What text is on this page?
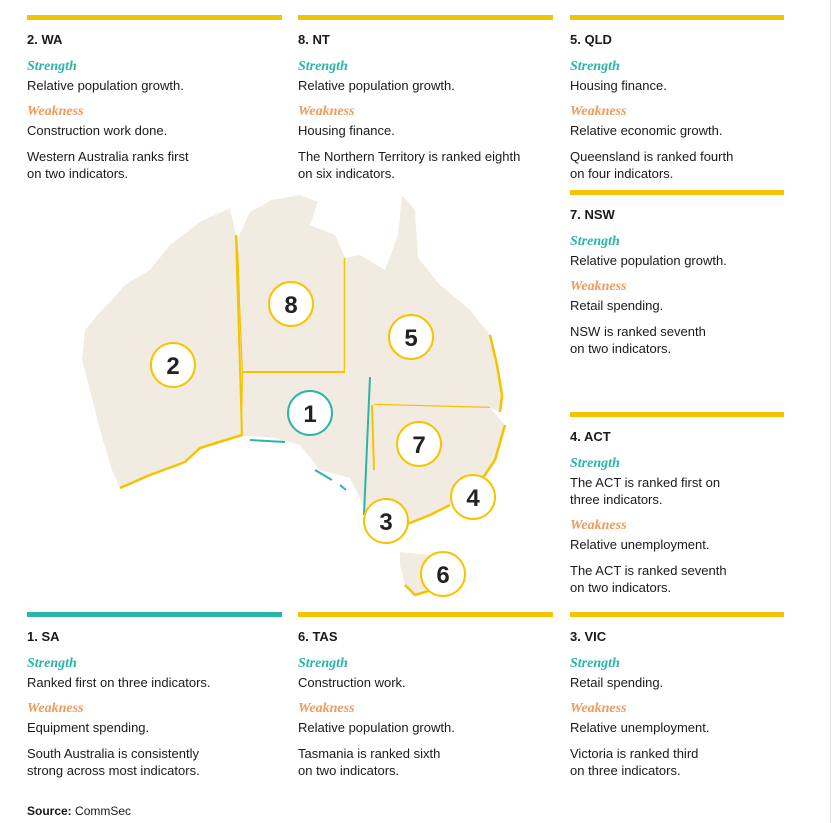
2. WA
Strength
Relative population growth.
Weakness
Construction work done.
Western Australia ranks first
on two indicators.
8. NT
Strength
Relative population growth.
Weakness
Housing finance.
The Northern Territory is ranked eighth
on six indicators.
5. QLD
Strength
Housing finance.
Weakness
Relative economic growth.
Queensland is ranked fourth
on four indicators.
7. NSW
Strength
Relative population growth.
Weakness
Retail spending.
NSW is ranked seventh
on two indicators.
4. ACT
Strength
The ACT is ranked first on
three indicators.
Weakness
Relative unemployment.
The ACT is ranked seventh
on two indicators.
1. SA
Strength
Ranked first on three indicators.
Weakness
Equipment spending.
South Australia is consistently
strong across most indicators.
6. TAS
Strength
Construction work.
Weakness
Relative population growth.
Tasmania is ranked sixth
on two indicators.
3. VIC
Strength
Retail spending.
Weakness
Relative unemployment.
Victoria is ranked third
on three indicators.
2
8
5
1
7
4
3
6
Source: CommSec
